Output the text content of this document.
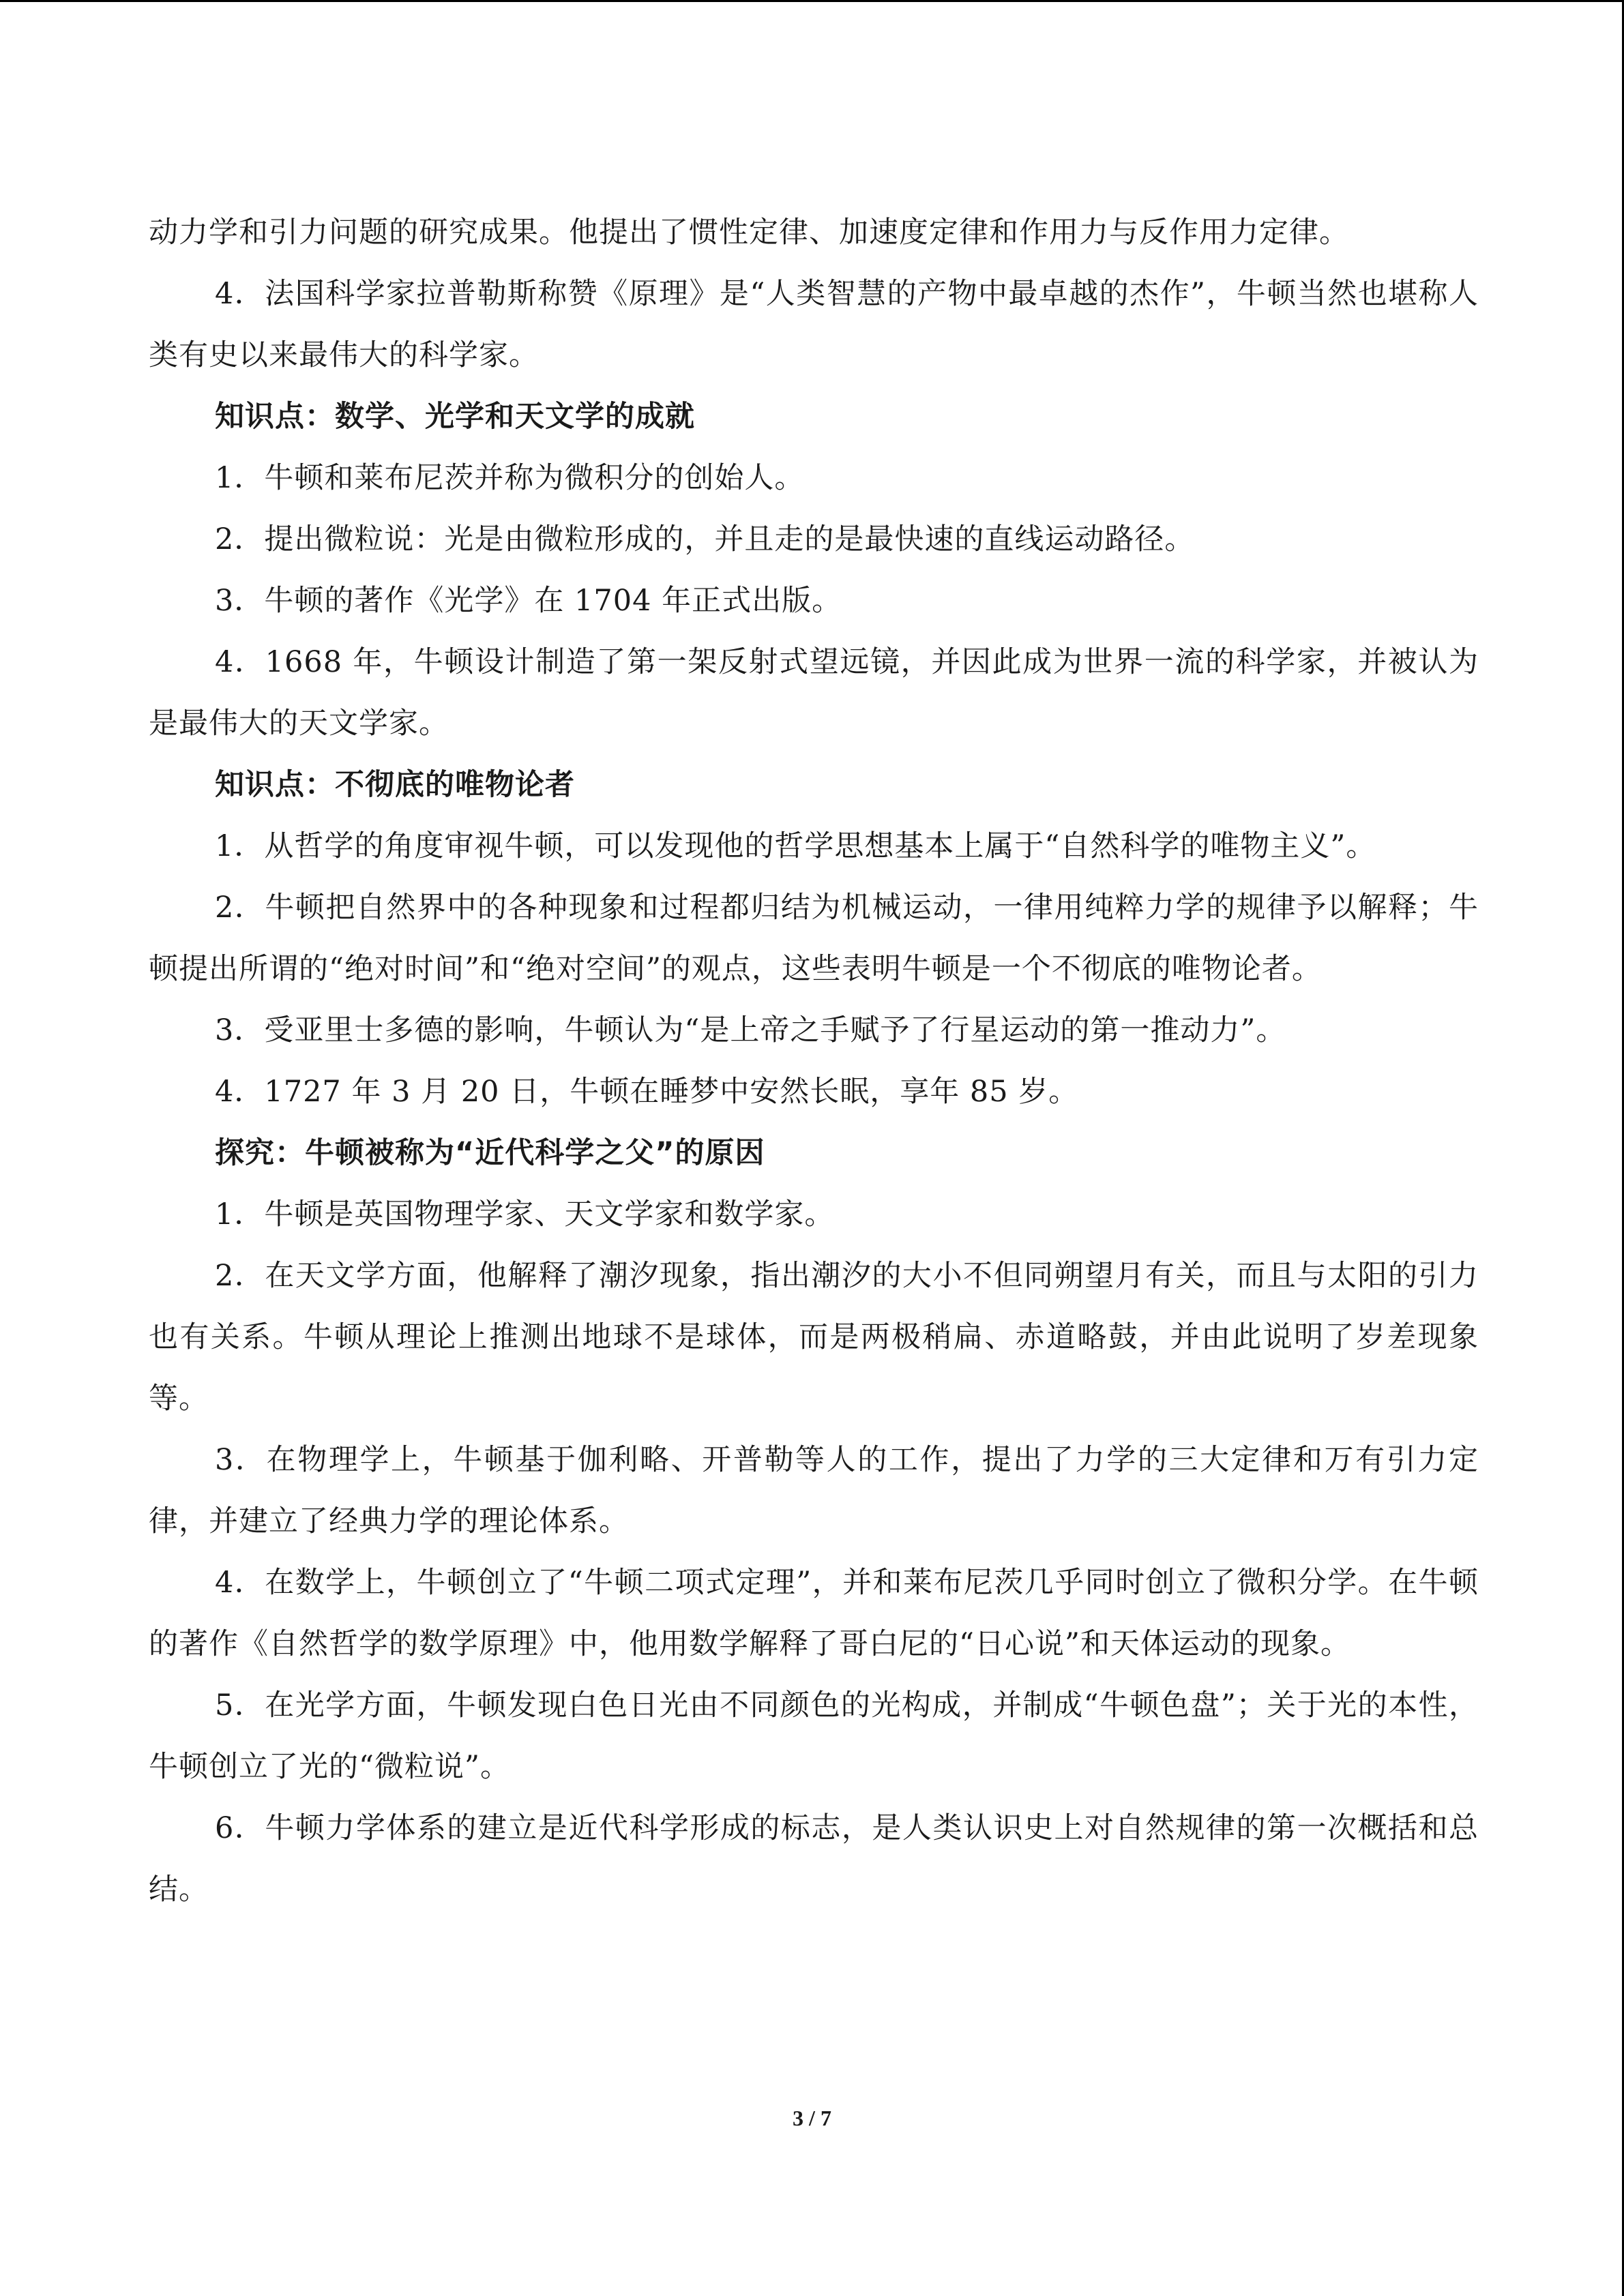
动力学和引力问题的研究成果。他提出了惯性定律、加速度定律和作用力与反作用力定律。

4．法国科学家拉普勒斯称赞《原理》是“人类智慧的产物中最卓越的杰作”，牛顿当然也堪称人类有史以来最伟大的科学家。

知识点：数学、光学和天文学的成就

1．牛顿和莱布尼茨并称为微积分的创始人。

2．提出微粒说：光是由微粒形成的，并且走的是最快速的直线运动路径。

3．牛顿的著作《光学》在 1704 年正式出版。

4．1668 年，牛顿设计制造了第一架反射式望远镜，并因此成为世界一流的科学家，并被认为是最伟大的天文学家。

知识点：不彻底的唯物论者

1．从哲学的角度审视牛顿，可以发现他的哲学思想基本上属于“自然科学的唯物主义”。

2．牛顿把自然界中的各种现象和过程都归结为机械运动，一律用纯粹力学的规律予以解释；牛顿提出所谓的“绝对时间”和“绝对空间”的观点，这些表明牛顿是一个不彻底的唯物论者。

3．受亚里士多德的影响，牛顿认为“是上帝之手赋予了行星运动的第一推动力”。

4．1727 年 3 月 20 日，牛顿在睡梦中安然长眠，享年 85 岁。

探究：牛顿被称为“近代科学之父”的原因

1．牛顿是英国物理学家、天文学家和数学家。

2．在天文学方面，他解释了潮汐现象，指出潮汐的大小不但同朔望月有关，而且与太阳的引力也有关系。牛顿从理论上推测出地球不是球体，而是两极稍扁、赤道略鼓，并由此说明了岁差现象等。

3．在物理学上，牛顿基于伽利略、开普勒等人的工作，提出了力学的三大定律和万有引力定律，并建立了经典力学的理论体系。

4．在数学上，牛顿创立了“牛顿二项式定理”，并和莱布尼茨几乎同时创立了微积分学。在牛顿的著作《自然哲学的数学原理》中，他用数学解释了哥白尼的“日心说”和天体运动的现象。

5．在光学方面，牛顿发现白色日光由不同颜色的光构成，并制成“牛顿色盘”；关于光的本性，牛顿创立了光的“微粒说”。

6．牛顿力学体系的建立是近代科学形成的标志，是人类认识史上对自然规律的第一次概括和总结。

3 / 7
